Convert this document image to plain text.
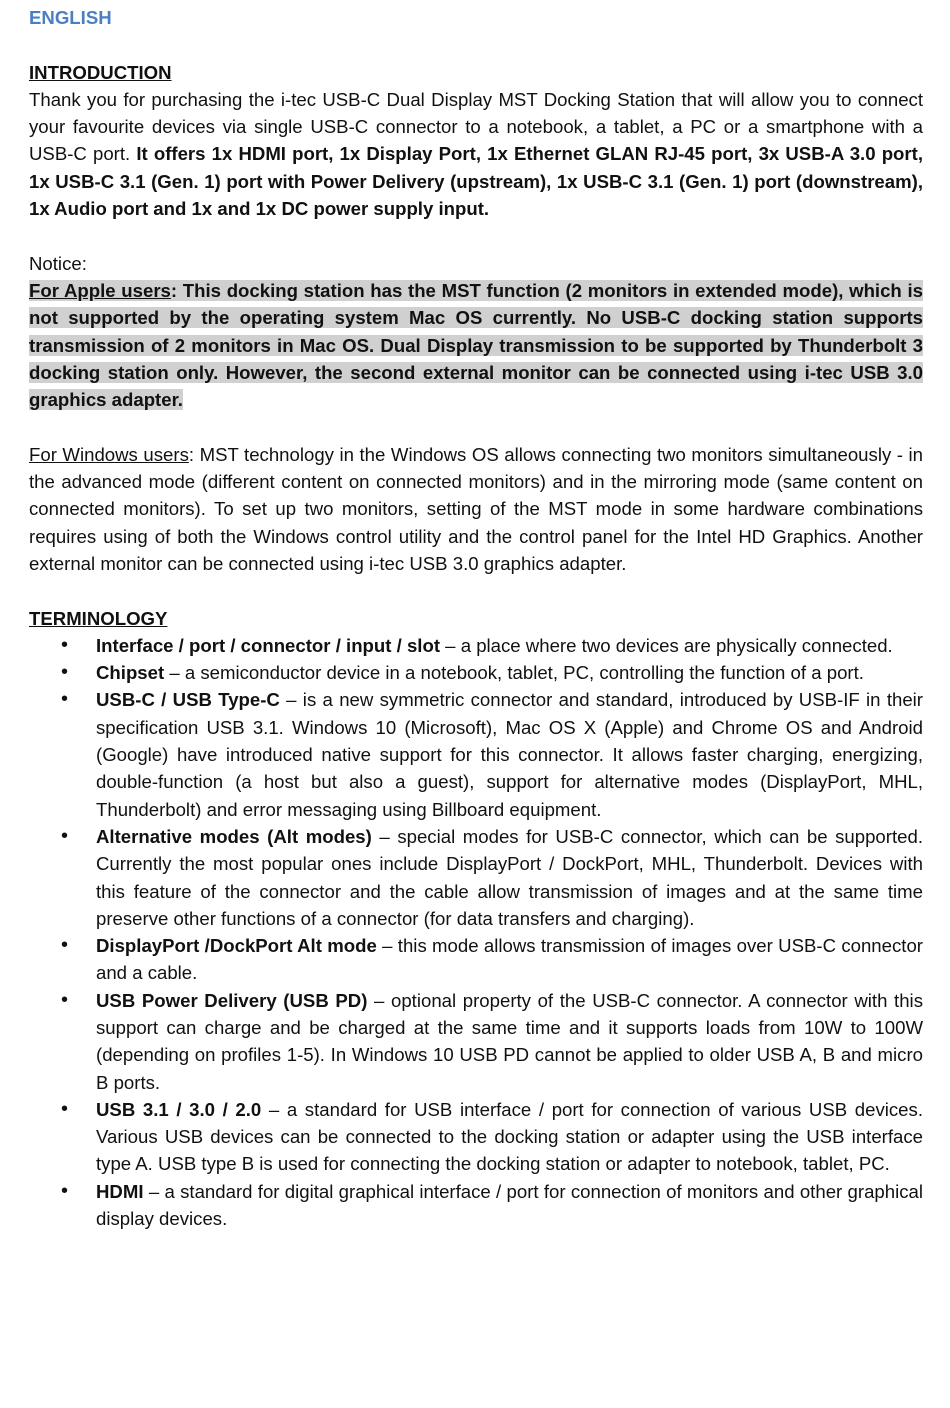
ENGLISH
INTRODUCTION

Thank you for purchasing the i-tec USB-C Dual Display MST Docking Station that will allow you to connect your favourite devices via single USB-C connector to a notebook, a tablet, a PC or a smartphone with a USB-C port. It offers 1x HDMI port, 1x Display Port, 1x Ethernet GLAN RJ-45 port, 3x USB-A 3.0 port, 1x USB-C 3.1 (Gen. 1) port with Power Delivery (upstream), 1x USB-C 3.1 (Gen. 1) port (downstream), 1x Audio port and 1x and 1x DC power supply input.

Notice:

For Apple users: This docking station has the MST function (2 monitors in extended mode), which is not supported by the operating system Mac OS currently. No USB-C docking station supports transmission of 2 monitors in Mac OS. Dual Display transmission to be supported by Thunderbolt 3 docking station only. However, the second external monitor can be connected using i-tec USB 3.0 graphics adapter.

For Windows users: MST technology in the Windows OS allows connecting two monitors simultaneously - in the advanced mode (different content on connected monitors) and in the mirroring mode (same content on connected monitors). To set up two monitors, setting of the MST mode in some hardware combinations requires using of both the Windows control utility and the control panel for the Intel HD Graphics. Another external monitor can be connected using i-tec USB 3.0 graphics adapter.

TERMINOLOGY
• Interface / port / connector / input / slot – a place where two devices are physically connected.
• Chipset – a semiconductor device in a notebook, tablet, PC, controlling the function of a port.
• USB-C / USB Type-C – is a new symmetric connector and standard, introduced by USB-IF in their specification USB 3.1. Windows 10 (Microsoft), Mac OS X (Apple) and Chrome OS and Android (Google) have introduced native support for this connector. It allows faster charging, energizing, double-function (a host but also a guest), support for alternative modes (DisplayPort, MHL, Thunderbolt) and error messaging using Billboard equipment.
• Alternative modes (Alt modes) – special modes for USB-C connector, which can be supported. Currently the most popular ones include DisplayPort / DockPort, MHL, Thunderbolt. Devices with this feature of the connector and the cable allow transmission of images and at the same time preserve other functions of a connector (for data transfers and charging).
• DisplayPort /DockPort Alt mode – this mode allows transmission of images over USB-C connector and a cable.
• USB Power Delivery (USB PD) – optional property of the USB-C connector. A connector with this support can charge and be charged at the same time and it supports loads from 10W to 100W (depending on profiles 1-5). In Windows 10 USB PD cannot be applied to older USB A, B and micro B ports.
• USB 3.1 / 3.0 / 2.0 – a standard for USB interface / port for connection of various USB devices. Various USB devices can be connected to the docking station or adapter using the USB interface type A. USB type B is used for connecting the docking station or adapter to notebook, tablet, PC.
• HDMI – a standard for digital graphical interface / port for connection of monitors and other graphical display devices.
